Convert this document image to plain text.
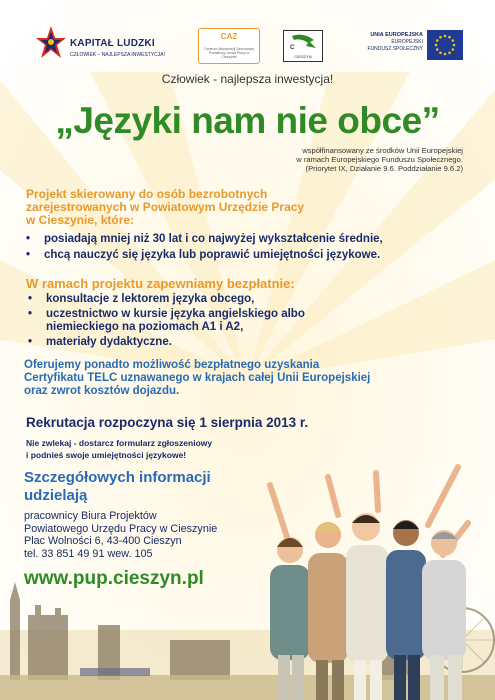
KAPITAŁ LUDZKI
CZŁOWIEK – NAJLEPSZA INWESTYCJA!
CAZ
Centrum Aktywizacji Zawodowej Powiatowy Urząd Pracy w Cieszynie
C
CIESZYN
UNIA EUROPEJSKA
EUROPEJSKI
FUNDUSZ SPOŁECZNY
Człowiek - najlepsza inwestycja!
„Języki nam nie obce”
współfinansowany ze środków Unii Europejskiej
w ramach Europejskiego Funduszu Społecznego.
(Priorytet IX, Działanie 9.6. Poddziałanie 9.6.2)
Projekt skierowany do osób bezrobotnych
zarejestrowanych w Powiatowym Urzędzie Pracy
w Cieszynie, które:
• posiadają mniej niż 30 lat i co najwyżej wykształcenie średnie,
• chcą nauczyć się języka lub poprawić umiejętności językowe.
W ramach projektu zapewniamy bezpłatnie:
• konsultacje z lektorem języka obcego,
• uczestnictwo w kursie języka angielskiego albo niemieckiego na poziomach A1 i A2,
• materiały dydaktyczne.
Oferujemy ponadto możliwość bezpłatnego uzyskania
Certyfikatu TELC uznawanego w krajach całej Unii Europejskiej
oraz zwrot kosztów dojazdu.
Rekrutacja rozpoczyna się 1 sierpnia 2013 r.
Nie zwlekaj - dostarcz formularz zgłoszeniowy
i podnieś swoje umiejętności językowe!
Szczegółowych informacji
udzielają
pracownicy Biura Projektów
Powiatowego Urzędu Pracy w Cieszynie
Plac Wolności 6, 43-400 Cieszyn
tel. 33 851 49 91 wew. 105
www.pup.cieszyn.pl
